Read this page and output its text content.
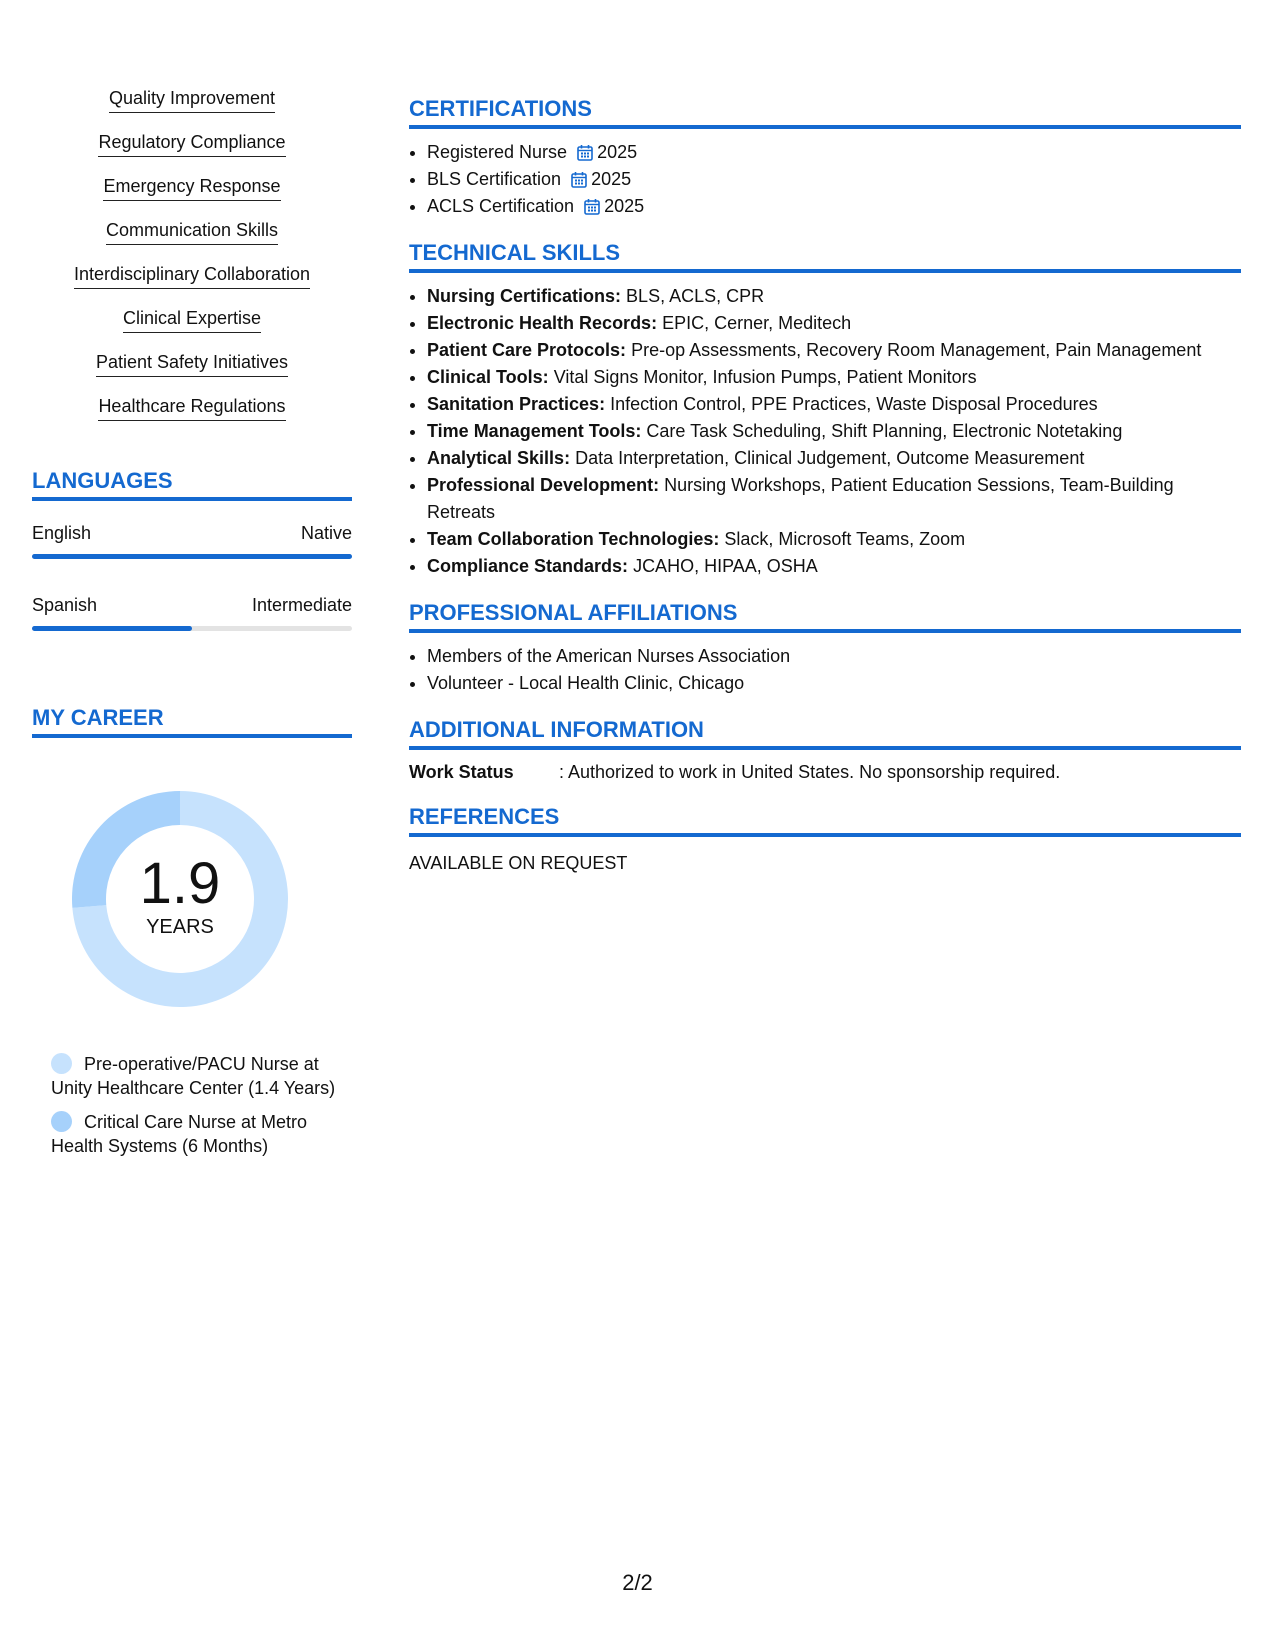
Quality Improvement
Regulatory Compliance
Emergency Response
Communication Skills
Interdisciplinary Collaboration
Clinical Expertise
Patient Safety Initiatives
Healthcare Regulations
LANGUAGES
English	Native
Spanish	Intermediate
MY CAREER
1.9
YEARS
Pre-operative/PACU Nurse at Unity Healthcare Center (1.4 Years)
Critical Care Nurse at Metro Health Systems (6 Months)
CERTIFICATIONS
• Registered Nurse 2025
• BLS Certification 2025
• ACLS Certification 2025
TECHNICAL SKILLS
• Nursing Certifications: BLS, ACLS, CPR
• Electronic Health Records: EPIC, Cerner, Meditech
• Patient Care Protocols: Pre-op Assessments, Recovery Room Management, Pain Management
• Clinical Tools: Vital Signs Monitor, Infusion Pumps, Patient Monitors
• Sanitation Practices: Infection Control, PPE Practices, Waste Disposal Procedures
• Time Management Tools: Care Task Scheduling, Shift Planning, Electronic Notetaking
• Analytical Skills: Data Interpretation, Clinical Judgement, Outcome Measurement
• Professional Development: Nursing Workshops, Patient Education Sessions, Team-Building Retreats
• Team Collaboration Technologies: Slack, Microsoft Teams, Zoom
• Compliance Standards: JCAHO, HIPAA, OSHA
PROFESSIONAL AFFILIATIONS
• Members of the American Nurses Association
• Volunteer - Local Health Clinic, Chicago
ADDITIONAL INFORMATION
Work Status	: Authorized to work in United States. No sponsorship required.
REFERENCES
AVAILABLE ON REQUEST
2/2
